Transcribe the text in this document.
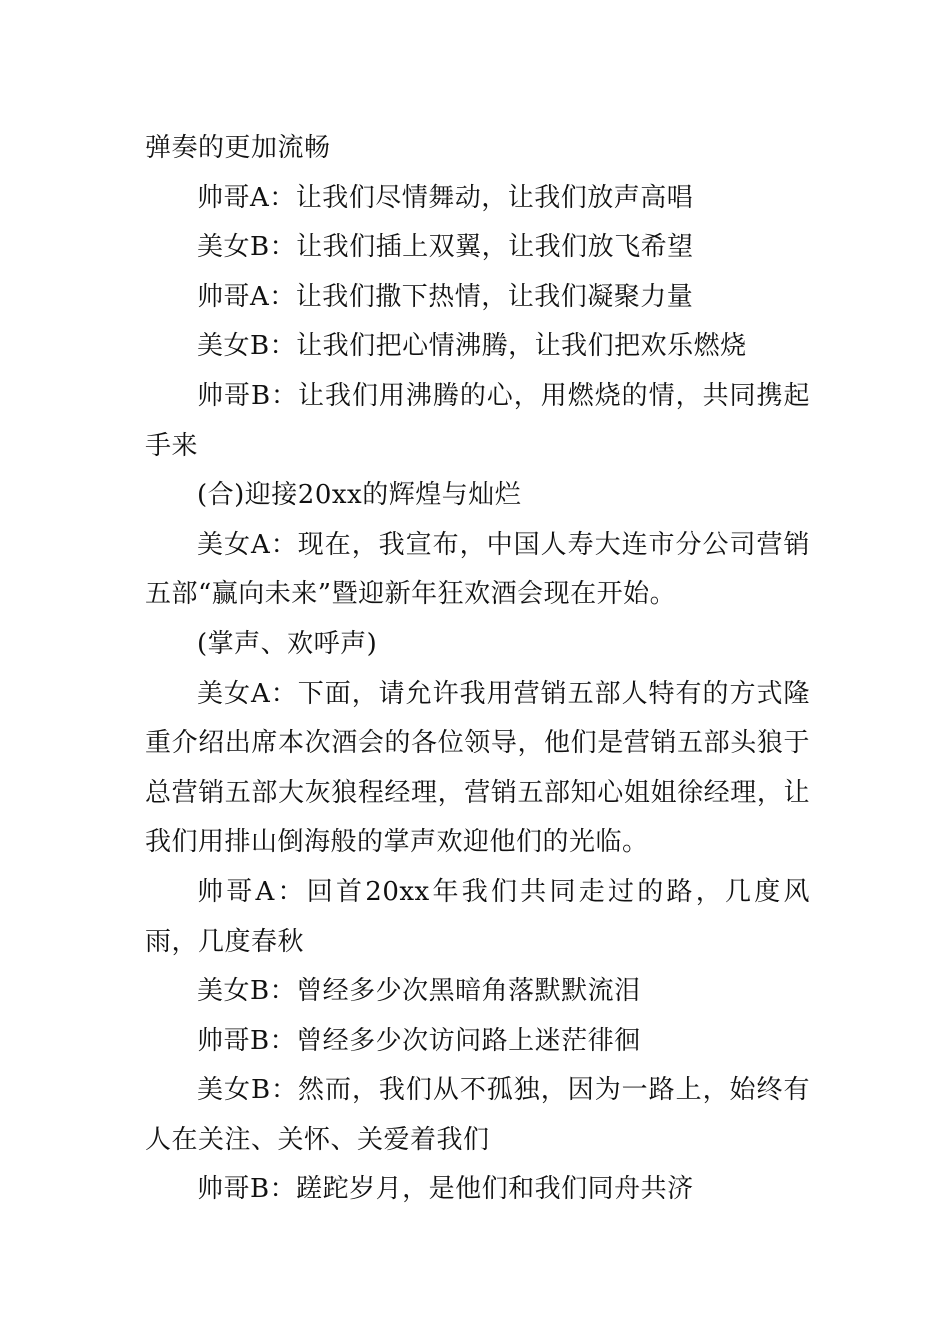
弹奏的更加流畅

帅哥A：让我们尽情舞动，让我们放声高唱

美女B：让我们插上双翼，让我们放飞希望

帅哥A：让我们撒下热情，让我们凝聚力量

美女B：让我们把心情沸腾，让我们把欢乐燃烧

帅哥B：让我们用沸腾的心，用燃烧的情，共同携起手来

(合)迎接20xx的辉煌与灿烂

美女A：现在，我宣布，中国人寿大连市分公司营销五部“赢向未来”暨迎新年狂欢酒会现在开始。

(掌声、欢呼声)

美女A：下面，请允许我用营销五部人特有的方式隆重介绍出席本次酒会的各位领导，他们是营销五部头狼于总营销五部大灰狼程经理，营销五部知心姐姐徐经理，让我们用排山倒海般的掌声欢迎他们的光临。

帅哥A：回首20xx年我们共同走过的路，几度风雨，几度春秋

美女B：曾经多少次黑暗角落默默流泪

帅哥B：曾经多少次访问路上迷茫徘徊

美女B：然而，我们从不孤独，因为一路上，始终有人在关注、关怀、关爱着我们

帅哥B：蹉跎岁月，是他们和我们同舟共济
